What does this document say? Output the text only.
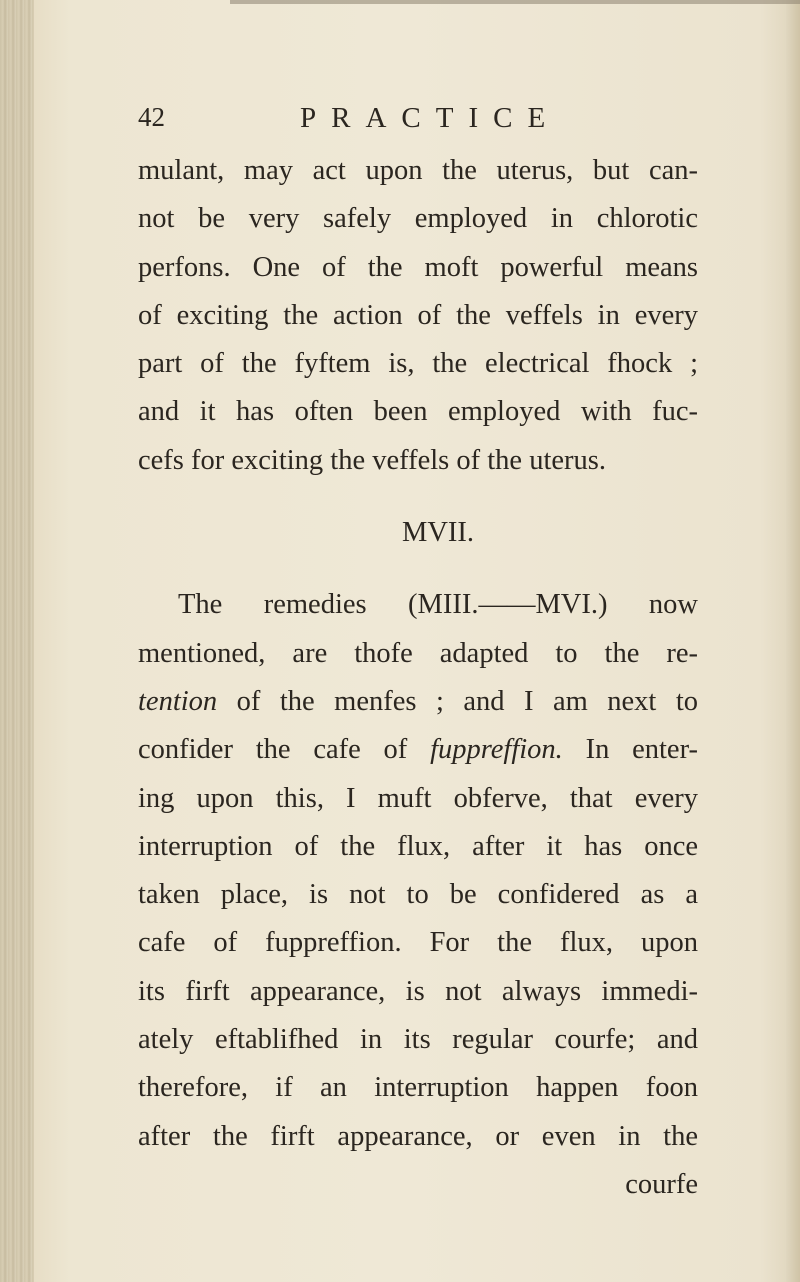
42	PRACTICE
mulant, may act upon the uterus, but can-
not be very safely employed in chlorotic
perfons. One of the moft powerful means
of exciting the action of the veffels in every
part of the fyftem is, the electrical fhock ;
and it has often been employed with fuc-
cefs for exciting the veffels of the uterus.
MVII.
The remedies (MIII.——MVI.) now
mentioned, are thofe adapted to the re-
tention of the menfes ; and I am next to
confider the cafe of fuppreffion. In enter-
ing upon this, I muft obferve, that every
interruption of the flux, after it has once
taken place, is not to be confidered as a
cafe of fuppreffion. For the flux, upon
its firft appearance, is not always immedi-
ately eftablifhed in its regular courfe; and
therefore, if an interruption happen foon
after the firft appearance, or even in the
courfe
